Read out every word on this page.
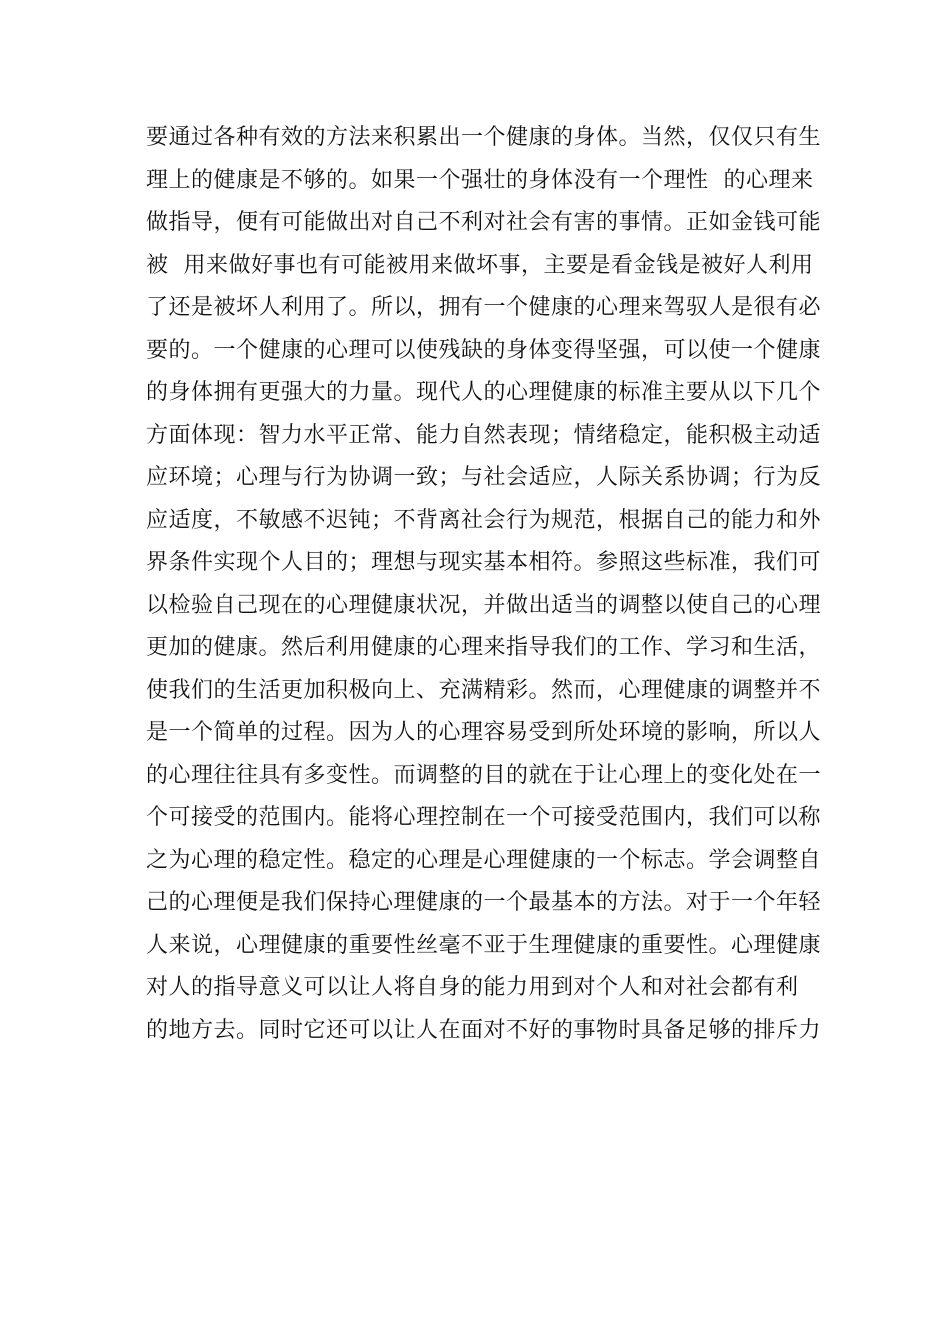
要通过各种有效的方法来积累出一个健康的身体。当然，仅仅只有生
理上的健康是不够的。如果一个强壮的身体没有一个理性  的心理来
做指导，便有可能做出对自己不利对社会有害的事情。正如金钱可能
被  用来做好事也有可能被用来做坏事，主要是看金钱是被好人利用
了还是被坏人利用了。所以，拥有一个健康的心理来驾驭人是很有必
要的。一个健康的心理可以使残缺的身体变得坚强，可以使一个健康
的身体拥有更强大的力量。现代人的心理健康的标准主要从以下几个
方面体现：智力水平正常、能力自然表现；情绪稳定，能积极主动适
应环境；心理与行为协调一致；与社会适应，人际关系协调；行为反
应适度，不敏感不迟钝；不背离社会行为规范，根据自己的能力和外
界条件实现个人目的；理想与现实基本相符。参照这些标准，我们可
以检验自己现在的心理健康状况，并做出适当的调整以使自己的心理
更加的健康。然后利用健康的心理来指导我们的工作、学习和生活，
使我们的生活更加积极向上、充满精彩。然而，心理健康的调整并不
是一个简单的过程。因为人的心理容易受到所处环境的影响，所以人
的心理往往具有多变性。而调整的目的就在于让心理上的变化处在一
个可接受的范围内。能将心理控制在一个可接受范围内，我们可以称
之为心理的稳定性。稳定的心理是心理健康的一个标志。学会调整自
己的心理便是我们保持心理健康的一个最基本的方法。对于一个年轻
人来说，心理健康的重要性丝毫不亚于生理健康的重要性。心理健康
对人的指导意义可以让人将自身的能力用到对个人和对社会都有利
的地方去。同时它还可以让人在面对不好的事物时具备足够的排斥力
